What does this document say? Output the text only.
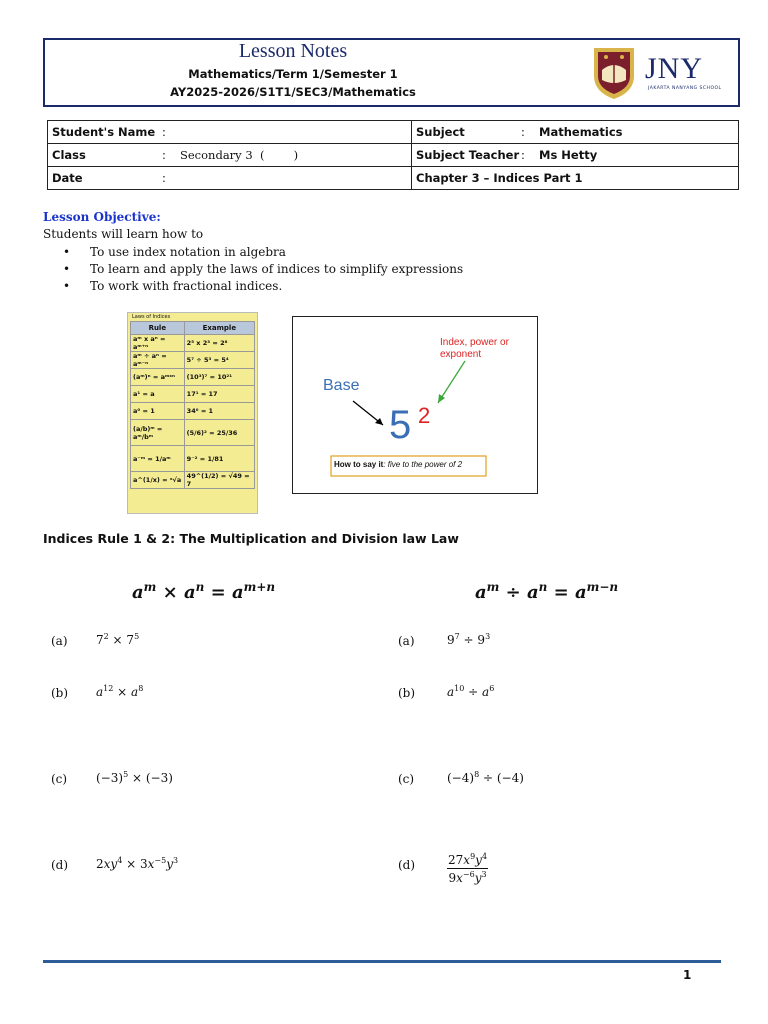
Lesson Notes
Mathematics/Term 1/Semester 1
AY2025-2026/S1T1/SEC3/Mathematics
JNY
JAKARTA NANYANG SCHOOL
Student's Name :	Subject : Mathematics

Class : Secondary 3  (        )	Subject Teacher : Ms Hetty

Date :	Chapter 3 – Indices Part 1
Lesson Objective:
Students will learn how to
• To use index notation in algebra
• To learn and apply the laws of indices to simplify expressions
• To work with fractional indices.
Laws of Indices
Rule	Example
aᵐ x aⁿ = aᵐ⁺ⁿ	2⁵ x 2³ = 2⁸
aᵐ ÷ aⁿ = aᵐ⁻ⁿ	5⁷ ÷ 5³ = 5⁴
(aᵐ)ⁿ = aᵐˣⁿ	(10³)⁷ = 10²¹
a¹ = a	17¹ = 17
a⁰ = 1	34⁰ = 1
(a/b)ᵐ = aᵐ/bᵐ	(5/6)² = 25/36
a⁻ᵐ = 1/aᵐ	9⁻² = 1/81
a^(1/x) = ˣ√a	49^(1/2) = √49 = 7
Base
Index, power or
exponent
5 2
How to say it: five to the power of 2
Indices Rule 1 & 2: The Multiplication and Division law Law
$a^m \times a^n = a^{m+n}$	$a^m \div a^n = a^{m-n}$
(a) $7^2 \times 7^5$
(b) $a^{12} \times a^8$
(c) $(-3)^5 \times (-3)$
(d) $2xy^4 \times 3x^{-5}y^3$
(a)	$9^7 \div 9^3$
(b)	$a^{10} \div a^6$
(c)	$(-4)^8 \div (-4)$
(d)	$\frac{27x^9y^4}{9x^{-6}y^3}$
1
